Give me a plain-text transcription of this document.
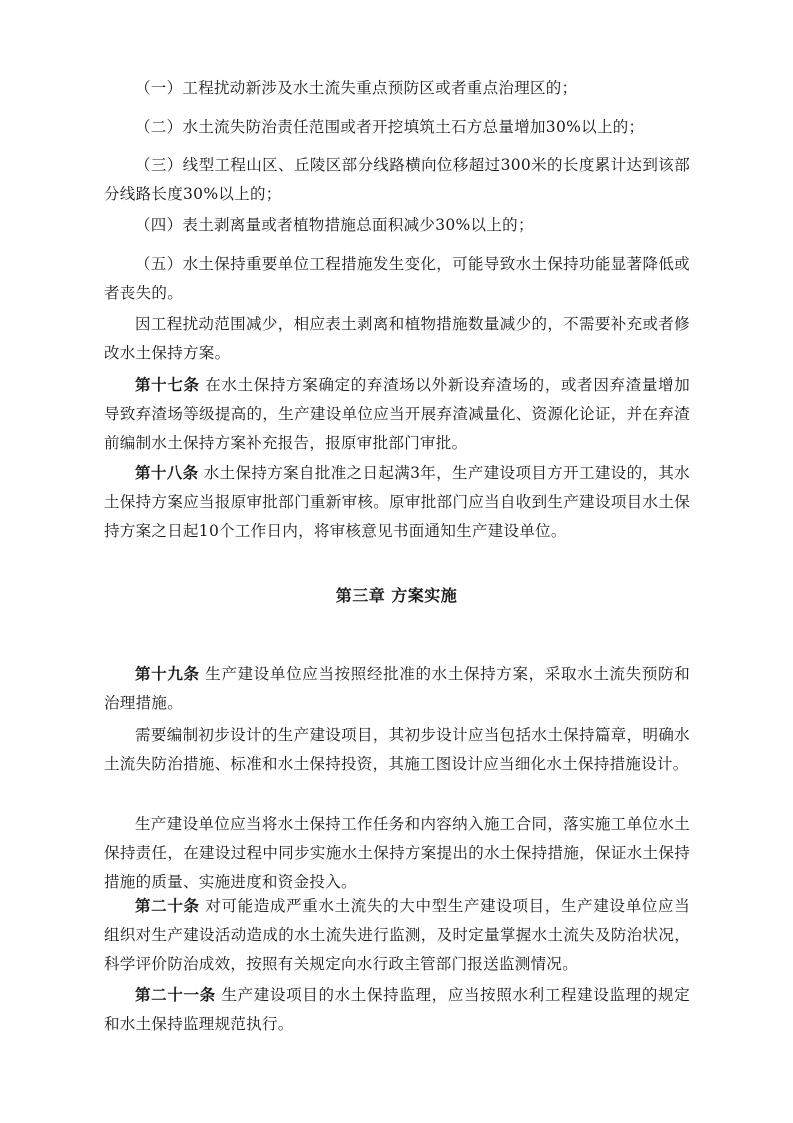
（一）工程扰动新涉及水土流失重点预防区或者重点治理区的；

（二）水土流失防治责任范围或者开挖填筑土石方总量增加30%以上的；

（三）线型工程山区、丘陵区部分线路横向位移超过300米的长度累计达到该部分线路长度30%以上的；

（四）表土剥离量或者植物措施总面积减少30%以上的；

（五）水土保持重要单位工程措施发生变化，可能导致水土保持功能显著降低或者丧失的。

因工程扰动范围减少，相应表土剥离和植物措施数量减少的，不需要补充或者修改水土保持方案。

第十七条 在水土保持方案确定的弃渣场以外新设弃渣场的，或者因弃渣量增加导致弃渣场等级提高的，生产建设单位应当开展弃渣减量化、资源化论证，并在弃渣前编制水土保持方案补充报告，报原审批部门审批。

第十八条 水土保持方案自批准之日起满3年，生产建设项目方开工建设的，其水土保持方案应当报原审批部门重新审核。原审批部门应当自收到生产建设项目水土保持方案之日起10个工作日内，将审核意见书面通知生产建设单位。

第三章 方案实施

第十九条 生产建设单位应当按照经批准的水土保持方案，采取水土流失预防和治理措施。

需要编制初步设计的生产建设项目，其初步设计应当包括水土保持篇章，明确水土流失防治措施、标准和水土保持投资，其施工图设计应当细化水土保持措施设计。

生产建设单位应当将水土保持工作任务和内容纳入施工合同，落实施工单位水土保持责任，在建设过程中同步实施水土保持方案提出的水土保持措施，保证水土保持措施的质量、实施进度和资金投入。

第二十条 对可能造成严重水土流失的大中型生产建设项目，生产建设单位应当组织对生产建设活动造成的水土流失进行监测，及时定量掌握水土流失及防治状况，科学评价防治成效，按照有关规定向水行政主管部门报送监测情况。

第二十一条 生产建设项目的水土保持监理，应当按照水利工程建设监理的规定和水土保持监理规范执行。
